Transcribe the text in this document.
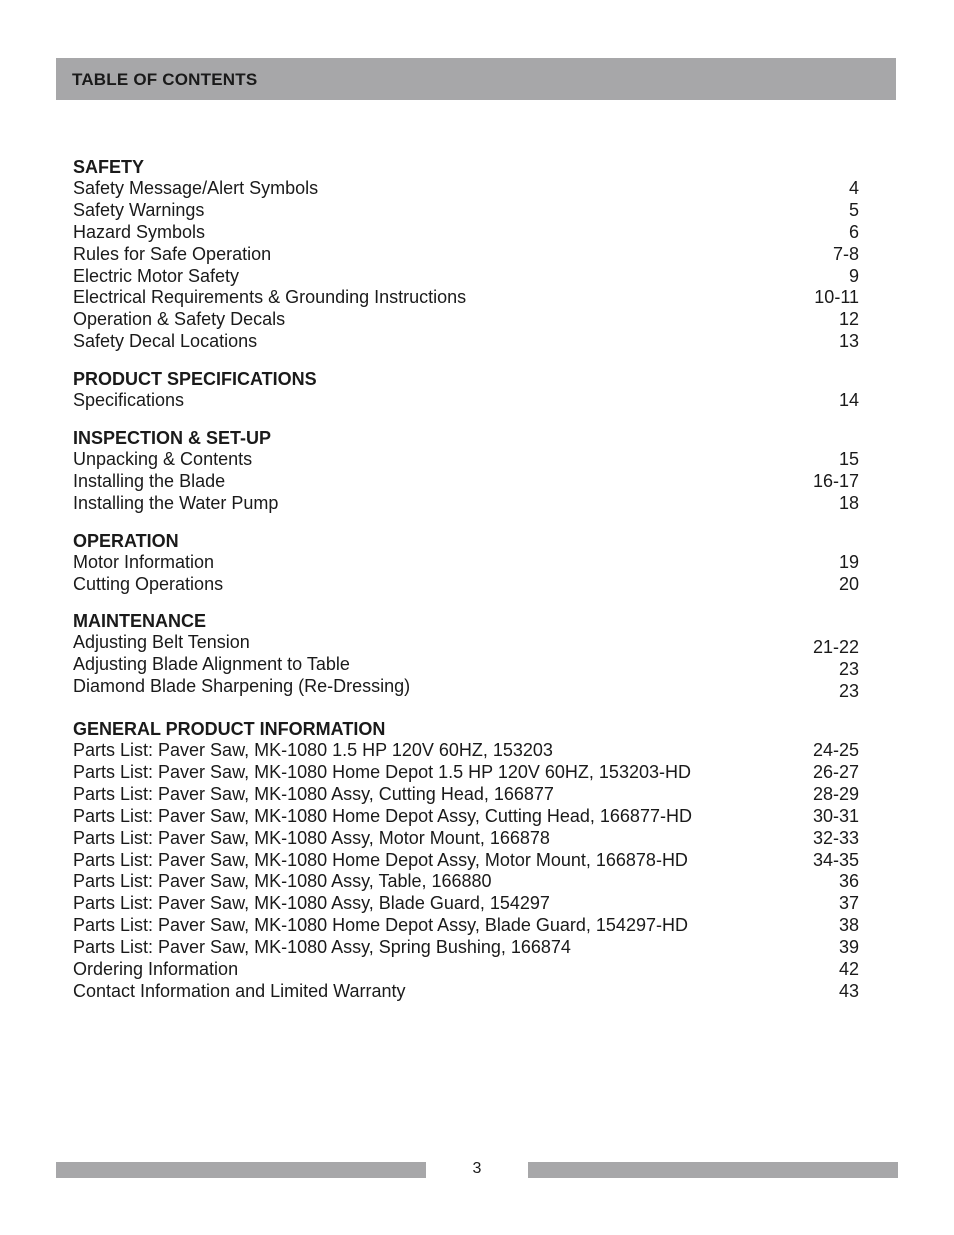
TABLE OF CONTENTS
SAFETY
Safety Message/Alert Symbols
Safety Warnings
Hazard Symbols
Rules for Safe Operation
Electric Motor Safety
Electrical Requirements & Grounding Instructions
Operation & Safety Decals
Safety Decal Locations
4
5
6
7-8
9
10-11
12
13
PRODUCT SPECIFICATIONS
Specifications	14
INSPECTION & SET-UP
Unpacking & Contents
Installing the Blade
Installing the Water Pump
15
16-17
18
OPERATION
Motor Information
Cutting Operations
19
20
MAINTENANCE
Adjusting Belt Tension
Adjusting Blade Alignment to Table
Diamond Blade Sharpening (Re-Dressing)
21-22
23
23
GENERAL PRODUCT INFORMATION
Parts List: Paver Saw, MK-1080 1.5 HP 120V 60HZ, 153203
Parts List: Paver Saw, MK-1080 Home Depot 1.5 HP 120V 60HZ, 153203-HD
Parts List: Paver Saw, MK-1080 Assy, Cutting Head, 166877
Parts List: Paver Saw, MK-1080 Home Depot Assy, Cutting Head, 166877-HD
Parts List: Paver Saw, MK-1080 Assy, Motor Mount, 166878
Parts List: Paver Saw, MK-1080 Home Depot Assy, Motor Mount, 166878-HD
Parts List: Paver Saw, MK-1080 Assy, Table, 166880
Parts List: Paver Saw, MK-1080 Assy, Blade Guard, 154297
Parts List: Paver Saw, MK-1080 Home Depot Assy, Blade Guard, 154297-HD
Parts List: Paver Saw, MK-1080 Assy, Spring Bushing, 166874
Ordering Information
Contact Information and Limited Warranty
24-25
26-27
28-29
30-31
32-33
34-35
36
37
38
39
42
43
3
